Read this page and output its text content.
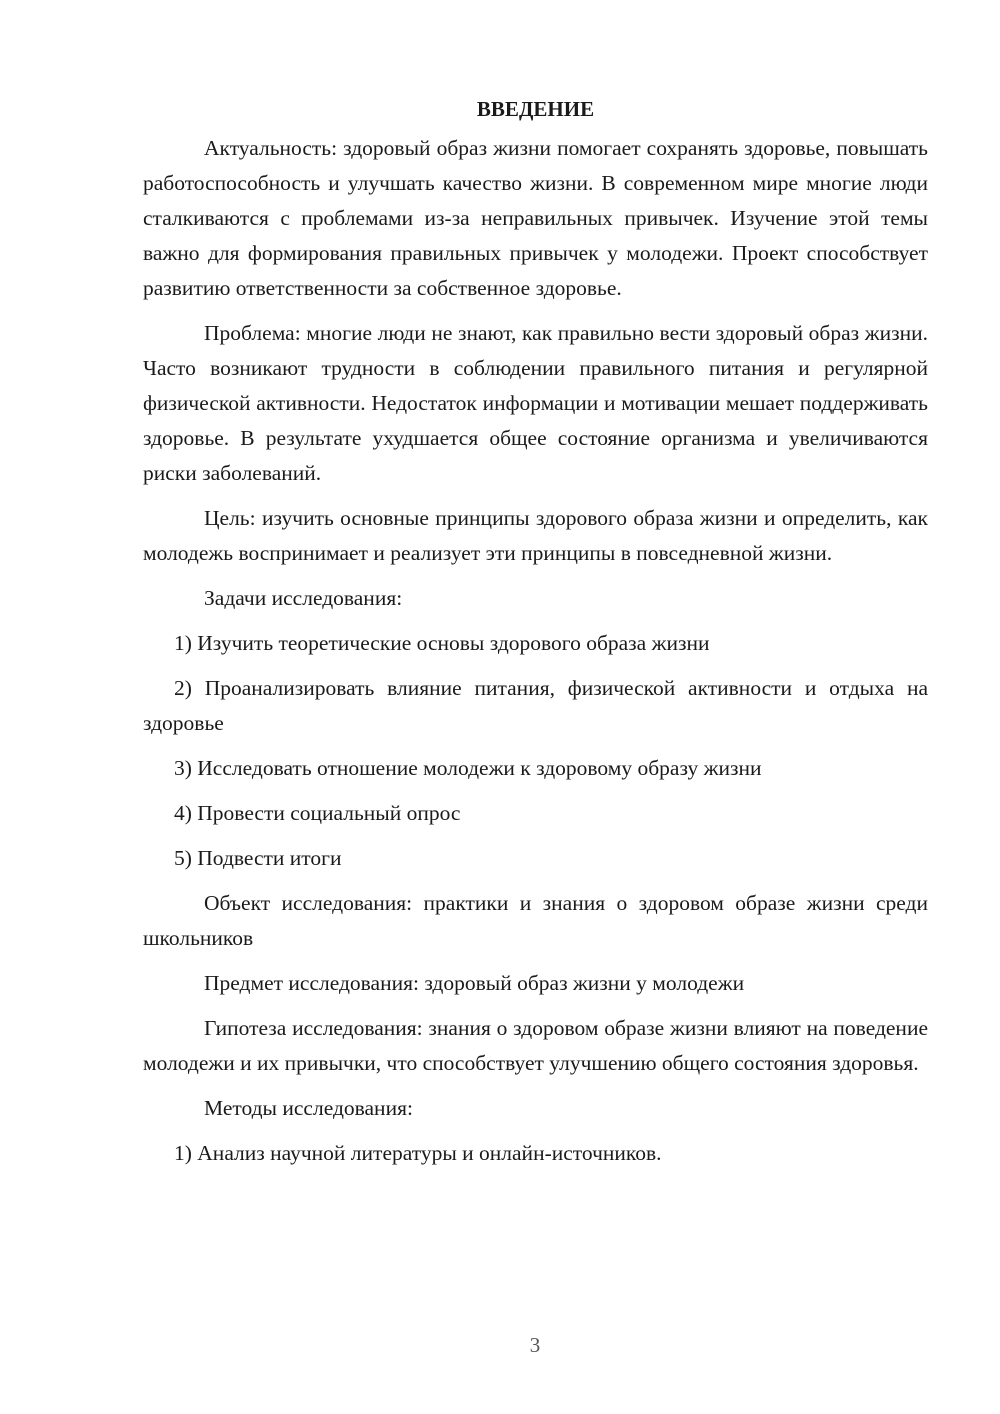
ВВЕДЕНИЕ

Актуальность: здоровый образ жизни помогает сохранять здоровье, повышать работоспособность и улучшать качество жизни. В современном мире многие люди сталкиваются с проблемами из-за неправильных привычек. Изучение этой темы важно для формирования правильных привычек у молодежи. Проект способствует развитию ответственности за собственное здоровье.

Проблема: многие люди не знают, как правильно вести здоровый образ жизни. Часто возникают трудности в соблюдении правильного питания и регулярной физической активности. Недостаток информации и мотивации мешает поддерживать здоровье. В результате ухудшается общее состояние организма и увеличиваются риски заболеваний.

Цель: изучить основные принципы здорового образа жизни и определить, как молодежь воспринимает и реализует эти принципы в повседневной жизни.

Задачи исследования:

1) Изучить теоретические основы здорового образа жизни

2) Проанализировать влияние питания, физической активности и отдыха на здоровье

3) Исследовать отношение молодежи к здоровому образу жизни

4) Провести социальный опрос

5) Подвести итоги

Объект исследования: практики и знания о здоровом образе жизни среди школьников

Предмет исследования: здоровый образ жизни у молодежи

Гипотеза исследования: знания о здоровом образе жизни влияют на поведение молодежи и их привычки, что способствует улучшению общего состояния здоровья.

Методы исследования:

1) Анализ научной литературы и онлайн-источников.

3
